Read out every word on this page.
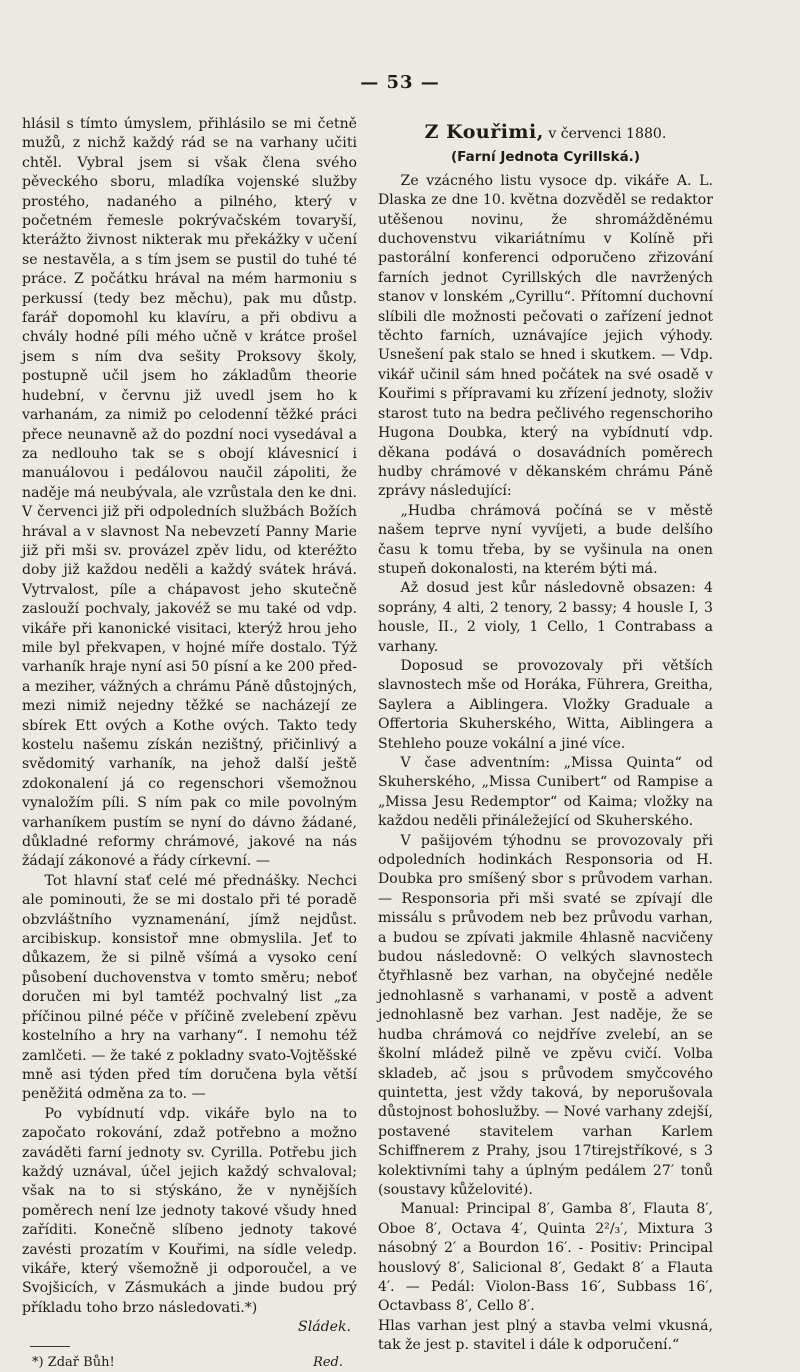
— 53 —

hlásil s tímto úmyslem, přihlásilo se mi četně mužů, z nichž každý rád se na varhany učiti chtěl. Vybral jsem si však člena svého pěveckého sboru, mladíka vojenské služby prostého, nadaného a pilného, který v početném řemesle pokrývačském tovaryší, kterážto živnost nikterak mu překážky v učení se nestavěla, a s tím jsem se pustil do tuhé té práce. Z počátku hrával na mém harmoniu s perkussí (tedy bez měchu), pak mu důstp. farář dopomohl ku klavíru, a při obdivu a chvály hodné píli mého učně v krátce prošel jsem s ním dva sešity Proksovy školy, postupně učil jsem ho základům theorie hudební, v červnu již uvedl jsem ho k varhanám, za nimiž po celodenní těžké práci přece neunavně až do pozdní noci vysedával a za nedlouho tak se s obojí klávesnicí i manuálovou i pedálovou naučil zápoliti, že naděje má neubývala, ale vzrůstala den ke dni. V červenci již při odpoledních službách Božích hrával a v slavnost Na nebevzetí Panny Marie již při mši sv. provázel zpěv lidu, od kteréžto doby již každou neděli a každý svátek hrává. Vytrvalost, píle a chápavost jeho skutečně zaslouží pochvaly, jakovéž se mu také od vdp. vikáře při kanonické visitaci, kterýž hrou jeho mile byl překvapen, v hojné míře dostalo. Týž varhaník hraje nyní asi 50 písní a ke 200 před- a meziher, vážných a chrámu Páně důstojných, mezi nimiž nejedny těžké se nacházejí ze sbírek Ett ových a Kothe ových. Takto tedy kostelu našemu získán nezištný, přičinlivý a svědomitý varhaník, na jehož další ještě zdokonalení já co regenschori všemožnou vynaložím píli. S ním pak co mile povolným varhaníkem pustím se nyní do dávno žádané, důkladné reformy chrámové, jakové na nás žádají zákonové a řády církevní. —

Tot hlavní stať celé mé přednášky. Nechci ale pominouti, že se mi dostalo při té poradě obzvláštního vyznamenání, jímž nejdůst. arcibiskup. konsistoř mne obmyslila. Jeť to důkazem, že si pilně všímá a vysoko cení působení duchovenstva v tomto směru; neboť doručen mi byl tamtéž pochvalný list „za příčinou pilné péče v příčině zvelebení zpěvu kostelního a hry na varhany“. I nemohu též zamlčeti. — že také z pokladny svato-Vojtěšské mně asi týden před tím doručena byla větší peněžitá odměna za to. —

Po vybídnutí vdp. vikáře bylo na to započato rokování, zdaž potřebno a možno zaváděti farní jednoty sv. Cyrilla. Potřebu jich každý uznával, účel jejich každý schvaloval; však na to si stýskáno, že v nynějších poměrech není lze jednoty takové všudy hned zaříditi. Konečně slíbeno jednoty takové zavésti prozatím v Kouřimi, na sídle veledp. vikáře, který všemožně ji odporoučel, a ve Svojšicích, v Zásmukách a jinde budou prý příkladu toho brzo následovati.*)

Sládek.
*) Zdař Bůh!	Red.
Z Kouřimi, v červenci 1880.
(Farní Jednota Cyrillská.)

Ze vzácného listu vysoce dp. vikáře A. L. Dlaska ze dne 10. května dozvěděl se redaktor utěšenou novinu, že shromážděnému duchovenstvu vikariátnímu v Kolíně při pastorální konferenci odporučeno zřizování farních jednot Cyrillských dle navržených stanov v lonském „Cyrillu“. Přítomní duchovní slíbili dle možnosti pečovati o zařízení jednot těchto farních, uznávajíce jejich výhody. Usnešení pak stalo se hned i skutkem. — Vdp. vikář učinil sám hned počátek na své osadě v Kouřimi s přípravami ku zřízení jednoty, složiv starost tuto na bedra pečlivého regenschoriho Hugona Doubka, který na vybídnutí vdp. děkana podává o dosavádních poměrech hudby chrámové v děkanském chrámu Páně zprávy následující:

„Hudba chrámová počíná se v městě našem teprve nyní vyvíjeti, a bude delšího času k tomu třeba, by se vyšinula na onen stupeň dokonalosti, na kterém býti má.

Až dosud jest kůr následovně obsazen: 4 soprány, 4 alti, 2 tenory, 2 bassy; 4 housle I, 3 housle, II., 2 violy, 1 Cello, 1 Contrabass a varhany.

Doposud se provozovaly při větších slavnostech mše od Horáka, Führera, Greitha, Saylera a Aiblingera. Vložky Graduale a Offertoria Skuherského, Witta, Aiblingera a Stehleho pouze vokální a jiné více.

V čase adventním: „Missa Quinta“ od Skuherského, „Missa Cunibert“ od Rampise a „Missa Jesu Redemptor“ od Kaima; vložky na každou neděli přináležející od Skuherského.

V pašijovém týhodnu se provozovaly při odpoledních hodinkách Responsoria od H. Doubka pro smíšený sbor s průvodem varhan. — Responsoria při mši svaté se zpívají dle missálu s průvodem neb bez průvodu varhan, a budou se zpívati jakmile 4hlasně nacvičeny budou následovně: O velkých slavnostech čtyřhlasně bez varhan, na obyčejné neděle jednohlasně s varhanami, v postě a advent jednohlasně bez varhan. Jest naděje, že se hudba chrámová co nejdříve zvelebí, an se školní mládež pilně ve zpěvu cvičí. Volba skladeb, ač jsou s průvodem smyčcového quintetta, jest vždy taková, by neporušovala důstojnost bohoslužby. — Nové varhany zdejší, postavené stavitelem varhan Karlem Schiffnerem z Prahy, jsou 17tirejstříkové, s 3 kolektivními tahy a úplným pedálem 27′ tonů (soustavy kůželovité).

Manual: Principal 8′, Gamba 8′, Flauta 8′, Oboe 8′, Octava 4′, Quinta 2²/₃′, Mixtura 3 násobný 2′ a Bourdon 16′. - Positiv: Principal houslový 8′, Salicional 8′, Gedakt 8′ a Flauta 4′. — Pedál: Violon-Bass 16′, Subbass 16′, Octavbass 8′, Cello 8′.

Hlas varhan jest plný a stavba velmi vkusná, tak že jest p. stavitel i dále k odporučení.“
